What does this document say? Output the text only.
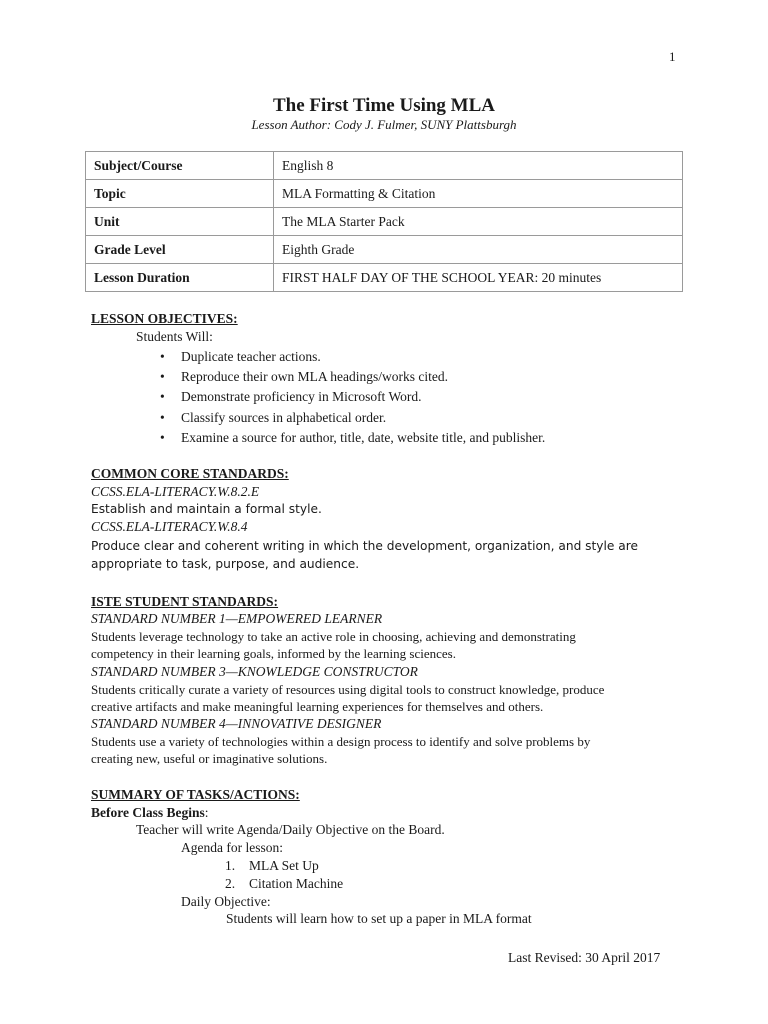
1
The First Time Using MLA
Lesson Author: Cody J. Fulmer, SUNY Plattsburgh
Subject/Course	English 8
Topic	MLA Formatting & Citation
Unit	The MLA Starter Pack
Grade Level	Eighth Grade
Lesson Duration	FIRST HALF DAY OF THE SCHOOL YEAR: 20 minutes
LESSON OBJECTIVES:
Students Will:
• Duplicate teacher actions.
• Reproduce their own MLA headings/works cited.
• Demonstrate proficiency in Microsoft Word.
• Classify sources in alphabetical order.
• Examine a source for author, title, date, website title, and publisher.
COMMON CORE STANDARDS:
CCSS.ELA-LITERACY.W.8.2.E
Establish and maintain a formal style.
CCSS.ELA-LITERACY.W.8.4
Produce clear and coherent writing in which the development, organization, and style are
appropriate to task, purpose, and audience.
ISTE STUDENT STANDARDS:
STANDARD NUMBER 1—EMPOWERED LEARNER
Students leverage technology to take an active role in choosing, achieving and demonstrating
competency in their learning goals, informed by the learning sciences.
STANDARD NUMBER 3—KNOWLEDGE CONSTRUCTOR
Students critically curate a variety of resources using digital tools to construct knowledge, produce
creative artifacts and make meaningful learning experiences for themselves and others.
STANDARD NUMBER 4—INNOVATIVE DESIGNER
Students use a variety of technologies within a design process to identify and solve problems by
creating new, useful or imaginative solutions.
SUMMARY OF TASKS/ACTIONS:
Before Class Begins:
Teacher will write Agenda/Daily Objective on the Board.
Agenda for lesson:
1. MLA Set Up
2. Citation Machine
Daily Objective:
Students will learn how to set up a paper in MLA format
Last Revised: 30 April 2017
